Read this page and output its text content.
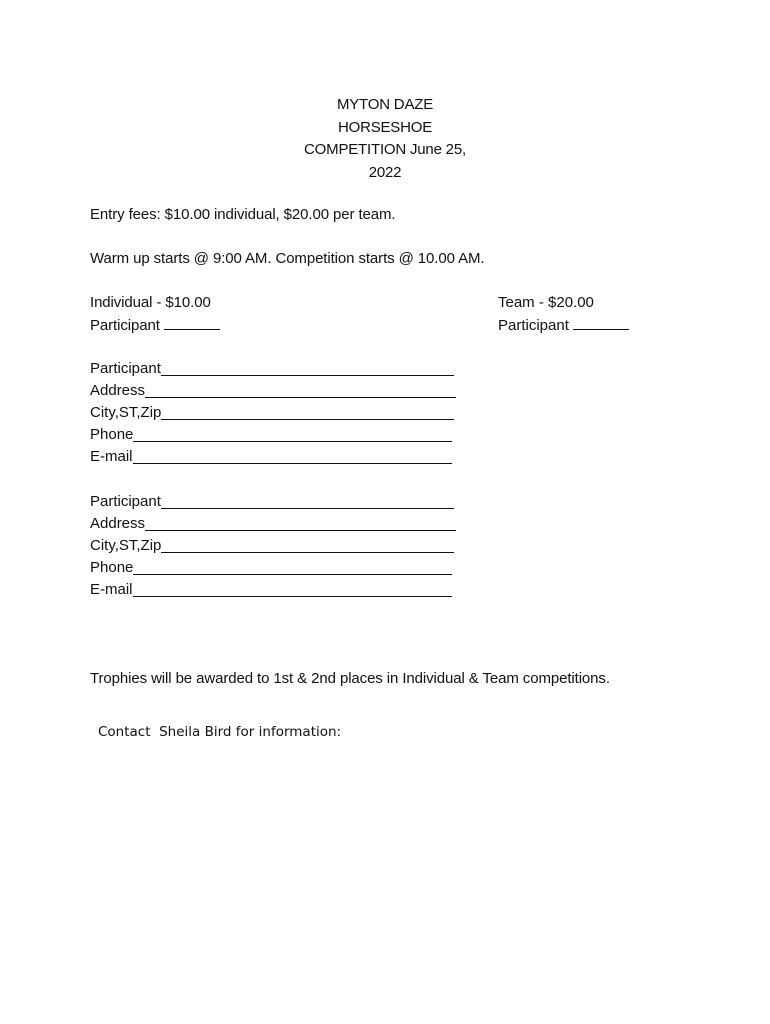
MYTON DAZE
HORSESHOE
COMPETITION June 25,
2022
Entry fees: $10.00 individual, $20.00 per team.
Warm up starts @ 9:00 AM. Competition starts @ 10.00 AM.
Individual - $10.00
Participant
Team - $20.00
Participant
Participant
Address
City,ST,Zip
Phone
E-mail
Participant
Address
City,ST,Zip
Phone
E-mail
Trophies will be awarded to 1st & 2nd places in Individual & Team competitions.
Contact  Sheila Bird for information:
